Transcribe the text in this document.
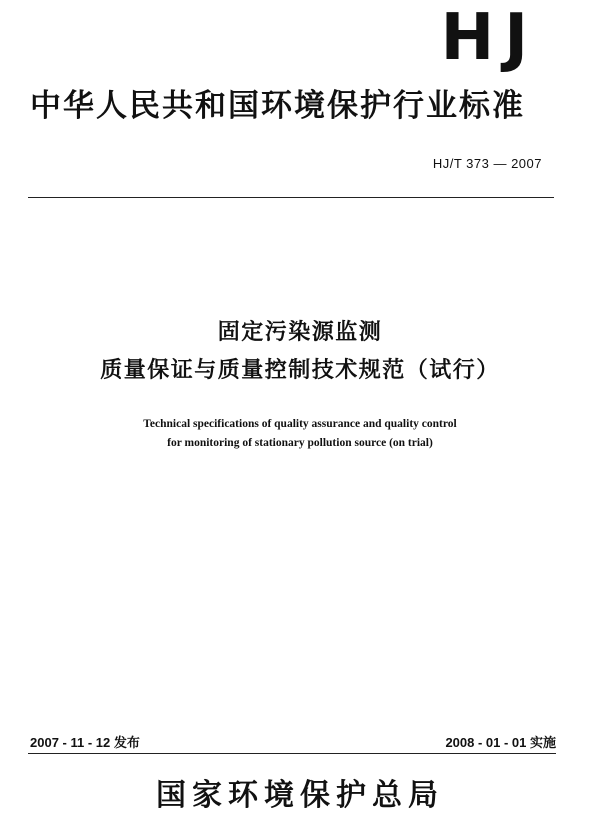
HJ
中华人民共和国环境保护行业标准
HJ/T 373 — 2007
固定污染源监测
质量保证与质量控制技术规范（试行）
Technical specifications of quality assurance and quality control
for monitoring of stationary pollution source (on trial)
2007 - 11 - 12 发布	2008 - 01 - 01 实施
国家环境保护总局
